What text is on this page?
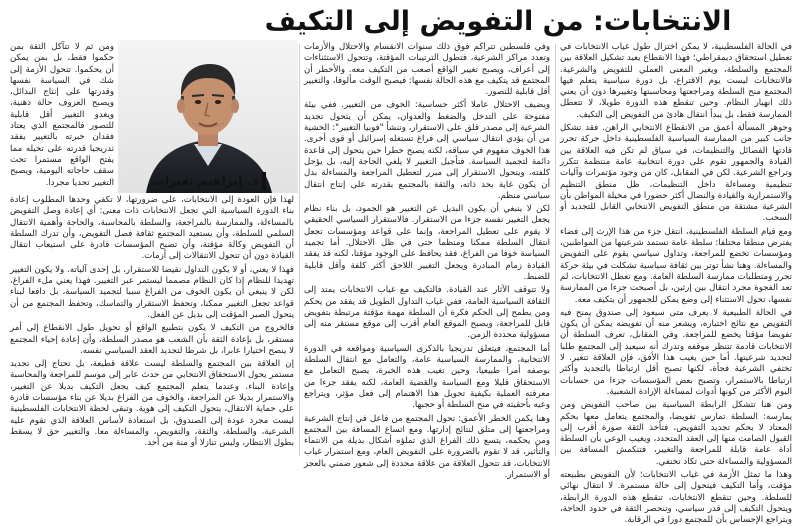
الانتخابات: من التفويض إلى التكيف

في الحالة الفلسطينية، لا يمكن اختزال طول غياب الانتخابات في تعطيل استحقاق ديمقراطي؛ فهذا الانقطاع يعيد تشكيل العلاقة بين المجتمع والسلطة، ويغير المعنى العملي للتفويض والشرعية. فالانتخابات ليست يوم الاقتراع، بل دورة سياسية يتعلم فيها المجتمع منح السلطة ومراجعتها ومحاسبتها وتغييرها دون أن يعني ذلك انهيار النظام. وحين تنقطع هذه الدورة طويلا، لا تتعطل الممارسة فقط، بل يبدأ انتقال هادئ من التفويض إلى التكيف.

وجوهر المسألة أعمق من الانقطاع الانتخابي الراهن. فقد تشكل جانب كبير من الممارسة السياسية الفلسطينية داخل حركة تحرر قادتها الفصائل والتنظيمات، في سياق لم تكن فيه العلاقة بين القيادة والجمهور تقوم على دورة انتخابية عامة منتظمة تتكرر وتراجع الشرعية. لكن في المقابل، كان من وجود مؤتمرات وآليات تنظيمية ومساءلة داخل التنظيمات، ظل منطق التنظيم والاستمرارية والقيادة والنضال أكثر حضورا في مخيلة المواطن بأن الشرعية مشتقة من منطق التفويض الانتخابي القابل للتجديد أو السحب.

ومع قيام السلطة الفلسطينية، انتقل جزء من هذا الإرث إلى فضاء يفترض منطقا مختلفا: سلطة عامة تستمد شرعيتها من المواطنين، ومؤسسات تخضع للمراجعة، وتداول سياسي يقوم على التفويض والمساءلة. وهنا نشأ توتر بين ثقافة سياسية تشكلت في بيئة حركة تحرر ومتطلبات ممارسة السلطة العامة. ومع تعطل الانتخابات، لم تعد الفجوة مجرد انتقال بين إرثين، بل أصبحت جزءا من الممارسة نفسها، تحول الاستثناء إلى وضع يمكن للجمهور أن يتكيف معه.

في الحالة الطبيعية لا يعرف متى سيعود إلى صندوق يمنح فيه التفويض مع نتائج اختياره، ويشعر منه أن تفويضه يمكن أن يكون تفويضا مؤقتا يخضع للمراجعة. وفي المقابل، تعرف السلطة أن الانتخابات قادمة تتنظر موقفه وتدرك أنه سيعيد إلى المجتمع طلبا لتجديد شرعيتها. أما حين يغيب هذا الأفق، فإن العلاقة تتغير. لا تختفي الشرعية فجأة، لكنها تصبح أقل ارتباطا بالتجديد وأكثر ارتباطا بالاستمرار، وتصبح بعض المؤسسات جزءا من حسابات اليوم الأكثر من كونها أدوات لمساءلة الإرادة الشعبية.

ومن هنا تتشكل الرابطة السياسية بين صاحب التفويض ومن يمارسه: السلطة تمارس تفويضا، والمجتمع يتعامل معها بحكم المعتاد لا بحكم تجديد التفويض، فتأخذ الثقة صورة أقرب إلى القبول الصامت منها إلى العقد المتجدد، ويغيب الوعي بأن السلطة أداة عامة قابلة للمراجعة والتغيير، فتنكمش المسافة بين المسؤولية والمساءلة حتى تكاد تختفي.

وهذا ما تمثل الأزمة في غياب الانتخابات؛ لأن التفويض بطبيعته مؤقت، وأما التكيف فيتحول إلى حالة مستمرة. لا انتقال نهائي للسلطة. وحين تنقطع الانتخابات، تنقطع هذه الدورة الرابطة، ويتحول التكيف إلى قدر سياسي، وتنحصر الثقة في حدود الحاجة، ويتراجع الإحساس بأن للمجتمع دورا في الرقابة.

وفي فلسطين تتراكم فوق ذلك سنوات الانقسام والاحتلال والأزمات وتعدد مراكز الشرعية، فتطول الترتيبات المؤقتة، وتتحول الاستثناءات إلى أعراف، ويصبح تغيير الواقع أصعب من التكيف معه. والأخطر أن المجتمع قد يتكيف مع هذه الحالة نفسها: فيصبح الوقت مألوفا، والتغيير أقل قابلية للتصور.

ويضيف الاحتلال عاملا أكثر حساسية: الخوف من التغيير. ففي بيئة مفتوحة على التدخل والضغط والعدوان، يمكن أن يتحول تجديد الشرعية إلى مصدر قلق على الاستقرار، وتنشأ "فوبيا التغيير": الخشية من أن يؤدي انتقال سياسي إلى فراغ تستغله إسرائيل أو قوى أخرى. هذا الخوف مفهوم في سياقه، لكنه يصبح خطرا حين يتحول إلى قاعدة دائمة لتجميد السياسة. فتأجيل التغيير لا يلغي الحاجة إليه، بل يؤجل كلفته، ويتحول الاستقرار إلى مبرر لتعطيل المراجعة والمساءلة بدل أن يكون غاية بحد ذاته، والثقة بالمجتمع بقدرته على إنتاج انتقال سياسي منظم.

لكن لا ينبغي أن يكون البديل عن التغيير هو الجمود، بل بناء نظام يجعل التغيير نفسه جزءا من الاستقرار. فالاستقرار السياسي الحقيقي لا يقوم على تعطيل المراجعة، وإنما على قواعد ومؤسسات تجعل انتقال السلطة ممكنا ومنظما حتى في ظل الاحتلال. أما تجميد السياسة خوفا من الفراغ، فقد يحافظ على الوجود مؤقتا، لكنه قد يفقد القيادة زمام المبادرة ويجعل التغيير اللاحق أكثر كلفة وأقل قابلية للضبط.

ولا تتوقف الآثار عند القيادة. فالتكيف مع غياب الانتخابات يمتد إلى الثقافة السياسية العامة، ففي غياب التداول الطويل قد يفقد من يحكم ومن يطمح إلى الحكم فكرة أن السلطة مهمة مؤقتة مرتبطة بتفويض قابل للمراجعة، ويصبح الموقع العام أقرب إلى موقع مستقر منه إلى مسؤولية محددة الزمن.

أما المجتمع، فيتعلق تدريجيا بالذكرى السياسية ومواقعه في الدورة الانتخابية، والممارسة السياسية عامة، والتعامل مع انتقال السلطة بوصفه أمرا طبيعيا، وحين تغيب هذه الخبرة، يصبح التعامل مع الاستحقاق قليلا ومع السياسة والقضية العامة، لكنه يفقد جزءا من معرفته العملية بكيفية تحويل هذا الاهتمام إلى فعل مؤثر، ويتراجع وعيه بأحقيته في منح السلطة أو حجبها.

وهنا يكمن الخطر الأعمق: تحول المجتمع من فاعل في إنتاج الشرعية ومراجعتها إلى متلق لنتائج إدارتها. ومع اتساع المسافة بين المجتمع ومن يحكمه، يتسع ذلك الفراغ الذي تملؤه أشكال بديلة من الانتماء والتأثير، قد لا تقوم بالضرورة على التفويض العام، ومع استمرار غياب الانتخابات، قد تتحول العلاقة من علاقة محددة إلى شعور ضمني بالعجز أو الاستمرار.

د. إبراهيم نعيرات

ومن ثم لا تتآكل الثقة بمن حكموا فقط، بل بمن يمكن أن يحكموا. تتحول الأزمة إلى شك في السياسة نفسها وقدرتها على إنتاج البدائل، ويصبح العزوف حالة ذهنية، ويغدو التغيير أقل قابلية للتصور فالمجتمع الذي يعتاد فقدان خبرته بالتغيير يفقد تدريجيا قدرته على تخيله مما يفتح الواقع مستمرا تحت سقف حاجاته اليومية، ويصبح التغيير تحديا مجردا.

لهذا فإن العودة إلى الانتخابات، على ضرورتها، لا تكفي وحدها المطلوب إعادة بناء الدورة السياسية التي تجعل الانتخابات ذات معنى: أي إعادة وصل التفويض بالمساءلة، والممارسة بالمراجعة، والسلطة بالمحاسبة، والحاجة وأهمية الانتقال السلمي للسلطة، وأن يستعيد المجتمع ثقافة فصل التفويض، وأن تدرك السلطة أن التفويض وكالة مؤقتة، وأن تصبح المؤسسات قادرة على استيعاب انتقال القيادة دون أن تتحول الانتقالات إلى أزمات.

فهذا لا يعني، أو لا يكون التداول نقيضا للاستقرار، بل إحدى آلياته. ولا يكون التغيير تهديدا للنظام إذا كان النظام مصمما ليستمر عبر التغيير. فهذا يعني ملء الفراغ، لكن لا ينبغي أن يكون الخوف من الفراغ سببا لتجميد السياسة، بل دافعا لبناء قواعد تجعل التغيير ممكنا، وتحفظ الاستقرار والتماسك، وتحفظ المجتمع من أن يتحول الصبر المؤقت إلى بديل عن الفعل.

فالخروج من التكيف لا يكون بتطبيع الواقع أو تحويل طول الانقطاع إلى أمر مستقر، بل بإعادة الثقة بأن الشعب هو مصدر السلطة، وأن إعادة إحياء المجتمع لا ينصح اختيارا عابرا، بل شرطا لتجديد العقد السياسي نفسه.

إن العلاقة بين المجتمع والسلطة ليست علاقة قطيعة، بل تحتاج إلى تجديد مستمر يحول الاستحقاق الانتخابي من حدث عابر إلى موسم للمراجعة والمحاسبة وإعادة البناء. وعندما يتعلم المجتمع كيف يجعل التكيف بديلا عن التغيير، والاستمرار بديلا عن المراجعة، والخوف من الفراغ بديلا عن بناء مؤسسات قادرة على حماية الانتقال، يتحول التكيف إلى هوية. وتبقى لحظة الانتخابات الفلسطينية ليست مجرد عودة إلى الصندوق، بل استعادة لأساس العلاقة الذي تقوم عليه الشرعية، والسلطة، والثقة، والتفويض، والمساءلة معا. والتغيير حق لا يسقط بطول الانتظار، وليس تنازلا أو منة من أحد.
